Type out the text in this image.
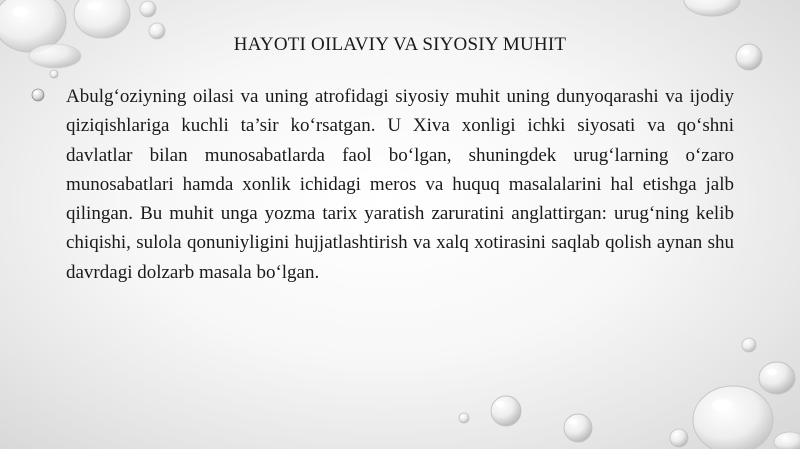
HAYOTI OILAVIY VA SIYOSIY MUHIT

Abulg‘oziyning oilasi va uning atrofidagi siyosiy muhit uning dunyoqarashi va ijodiy qiziqishlariga kuchli ta’sir ko‘rsatgan. U Xiva xonligi ichki siyosati va qo‘shni davlatlar bilan munosabatlarda faol bo‘lgan, shuningdek urug‘larning o‘zaro munosabatlari hamda xonlik ichidagi meros va huquq masalalarini hal etishga jalb qilingan. Bu muhit unga yozma tarix yaratish zaruratini anglattirgan: urug‘ning kelib chiqishi, sulola qonuniyligini hujjatlashtirish va xalq xotirasini saqlab qolish aynan shu davrdagi dolzarb masala bo‘lgan.
